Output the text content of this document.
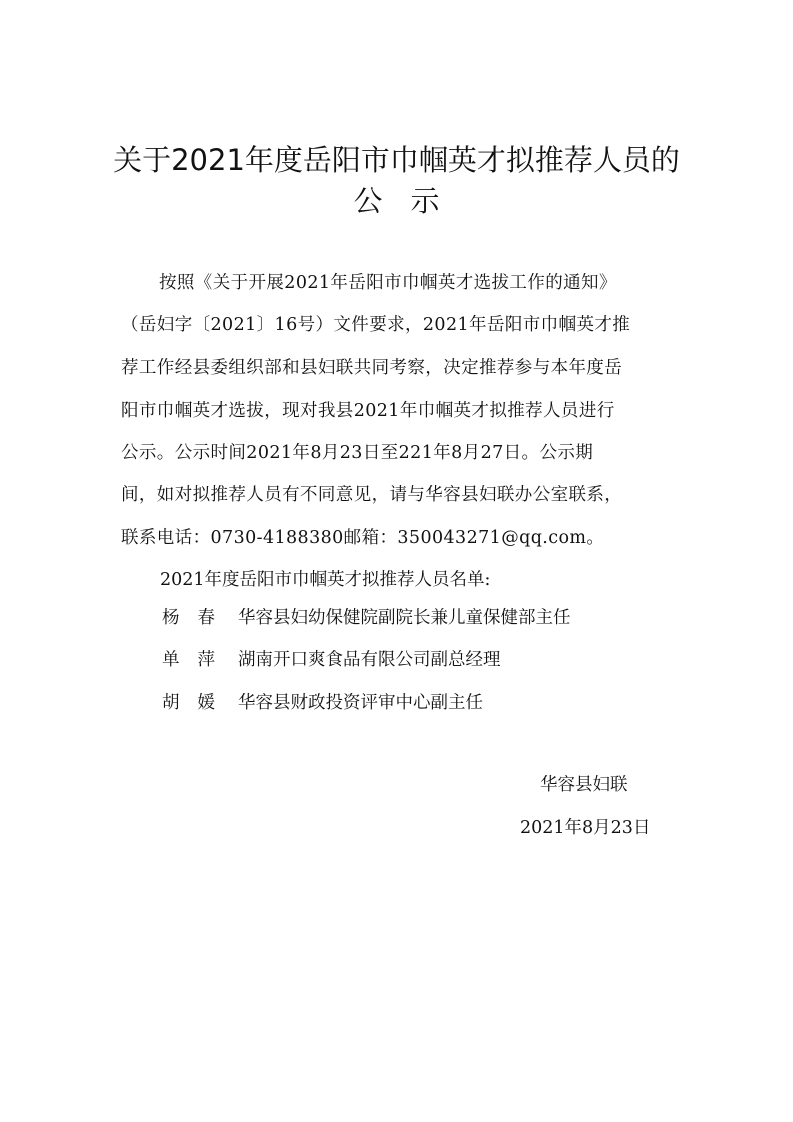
关于2021年度岳阳市巾帼英才拟推荐人员的
公示
按照《关于开展2021年岳阳市巾帼英才选拔工作的通知》
（岳妇字〔2021〕16号）文件要求，2021年岳阳市巾帼英才推
荐工作经县委组织部和县妇联共同考察，决定推荐参与本年度岳
阳市巾帼英才选拔，现对我县2021年巾帼英才拟推荐人员进行
公示。公示时间2021年8月23日至221年8月27日。公示期
间，如对拟推荐人员有不同意见，请与华容县妇联办公室联系，
联系电话：0730-4188380邮箱：350043271@qq.com。
2021年度岳阳市巾帼英才拟推荐人员名单:
杨春 华容县妇幼保健院副院长兼儿童保健部主任
单萍 湖南开口爽食品有限公司副总经理
胡媛 华容县财政投资评审中心副主任
华容县妇联
2021年8月23日
